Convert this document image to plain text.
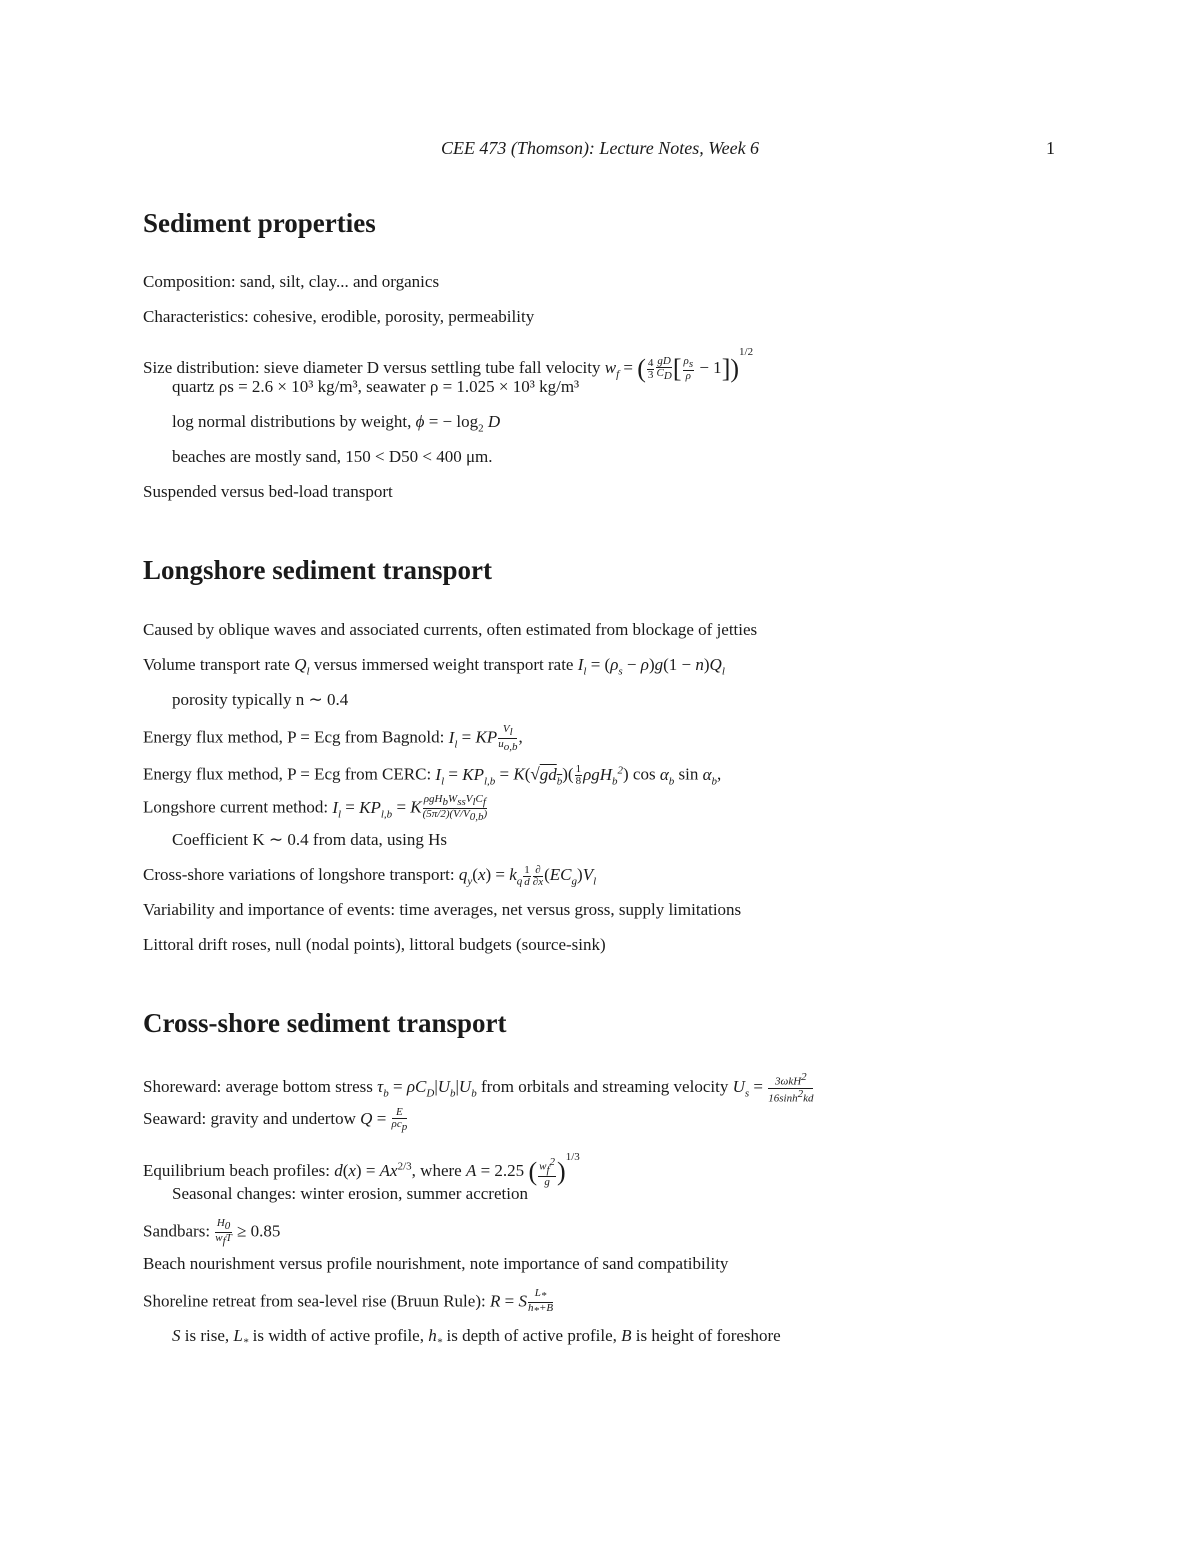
CEE 473 (Thomson): Lecture Notes, Week 6	1
Sediment properties
Composition: sand, silt, clay... and organics
Characteristics: cohesive, erodible, porosity, permeability
Size distribution: sieve diameter D versus settling tube fall velocity $w_f$ = ( $\frac{4}{3} \frac{gD}{C_D}$ [ $\frac{\rho_s}{\rho} - 1])^{1/2}$
quartz ρs = 2.6 × 10³ kg/m³, seawater ρ = 1.025 × 10³ kg/m³
log normal distributions by weight, ϕ = − $\log_2 D$
beaches are mostly sand, 150 < D50 < 400 μm.
Suspended versus bed-load transport
Longshore sediment transport
Caused by oblique waves and associated currents, often estimated from blockage of jetties
Volume transport rate $Q_l$ versus immersed weight transport rate $I_l = (\rho_s - \rho)g(1 - n)Q_l$
porosity typically n ∼ 0.4
Energy flux method, P = Ecg from Bagnold: $I_l$ = KP $\frac{V_l}{u_{o,b}}$ ,
Energy flux method, P = Ecg from CERC: $I_l = KP_{l,b} = K(√gd_b)( \frac{1}{8} \rho gH_b^2)$ $\cos \alpha_b$ $\sin \alpha_b$,
Longshore current method: $I_l = KP_{l,b} = K \frac{\rho gH_bW_{ss}V_lC_f}{(5\pi/2)(V/V_{0,b})}$
Coefficient K ∼ 0.4 from data, using Hs
Cross-shore variations of longshore transport: $q_y(x) = k_q \frac{1}{d} \frac{\partial}{\partial x} (EC_g)V_l$
Variability and importance of events: time averages, net versus gross, supply limitations
Littoral drift roses, null (nodal points), littoral budgets (source-sink)
Cross-shore sediment transport
Shoreward: average bottom stress $\tau_b = \rho C_D|U_b|U_b$ from orbitals and streaming velocity $U_s = \frac{3\omega kH^2}{16\sinh^2kd}$
Seaward: gravity and undertow $Q = \frac{E}{\rho c_p}$
Equilibrium beach profiles: $d(x) = Ax^{2/3}$, where A = 2.25 ( $\frac{w_f^2}{g} )^{1/3}$
Seasonal changes: winter erosion, summer accretion
Sandbars: $\frac{H_0}{w_fT} \ge 0.85$
Beach nourishment versus profile nourishment, note importance of sand compatibility
Shoreline retreat from sea-level rise (Bruun Rule): R = S $\frac{L_*}{h_*+B}$
S is rise, $L_*$ is width of active profile, $h_*$ is depth of active profile, B is height of foreshore
